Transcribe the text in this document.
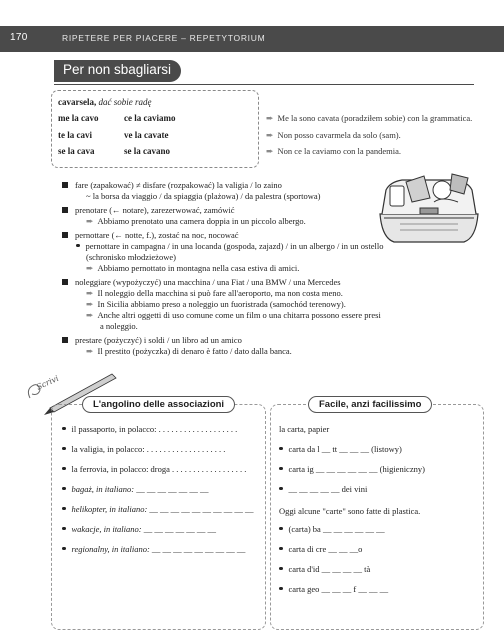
170	RIPETERE PER PIACERE – REPETYTORIUM
Per non sbagliarsi
cavarsela, dać sobie radę
me la cavo	ce la caviamo
te la cavi	ve la cavate
se la cava	se la cavano
➨ Me la sono cavata (poradziłem sobie) con la grammatica.
➨ Non posso cavarmela da solo (sam).
➨ Non ce la caviamo con la pandemia.
fare (zapakować) ≠ disfare (rozpakować) la valigia / lo zaino
~ la borsa da viaggio / da spiaggia (plażowa) / da palestra (sportowa)
prenotare (← notare), zarezerwować, zamówić
➨ Abbiamo prenotato una camera doppia in un piccolo albergo.
pernottare (← notte, f.), zostać na noc, nocować
pernottare in campagna / in una locanda (gospoda, zajazd) / in un albergo / in un ostello
(schronisko młodzieżowe)
➨ Abbiamo pernottato in montagna nella casa estiva di amici.
noleggiare (wypożyczyć) una macchina / una Fiat / una BMW / una Mercedes
➨ Il noleggio della macchina si può fare all'aeroporto, ma non costa meno.
➨ In Sicilia abbiamo preso a noleggio un fuoristrada (samochód terenowy).
➨ Anche altri oggetti di uso comune come un film o una chitarra possono essere presi
a noleggio.
prestare (pożyczyć) i soldi / un libro ad un amico
➨ Il prestito (pożyczka) di denaro è fatto / dato dalla banca.
Scrivi
L'angolino delle associazioni
il passaporto, in polacco: . . . . . . . . . . . . . . . . . . .
la valigia, in polacco: . . . . . . . . . . . . . . . . . . .
la ferrovia, in polacco: droga . . . . . . . . . . . . . . . . . .
bagaż, in italiano: __ __ __ __ __ __ __
helikopter, in italiano: __ __ __ __ __ __ __ __ __ __
wakacje, in italiano: __ __ __ __ __ __ __
regionalny, in italiano: __ __ __ __ __ __ __ __ __
Facile, anzi facilissimo
la carta, papier
carta da l __ tt __ __ __ (listowy)
carta ig __ __ __ __ __ __ (higieniczny)
__ __ __ __ __ dei vini
Oggi alcune "carte" sono fatte di plastica.
(carta) ba __ __ __ __ __ __
carta di cre __ __ __o
carta d'id __ __ __ __ tà
carta geo __ __ __ f __ __ __
